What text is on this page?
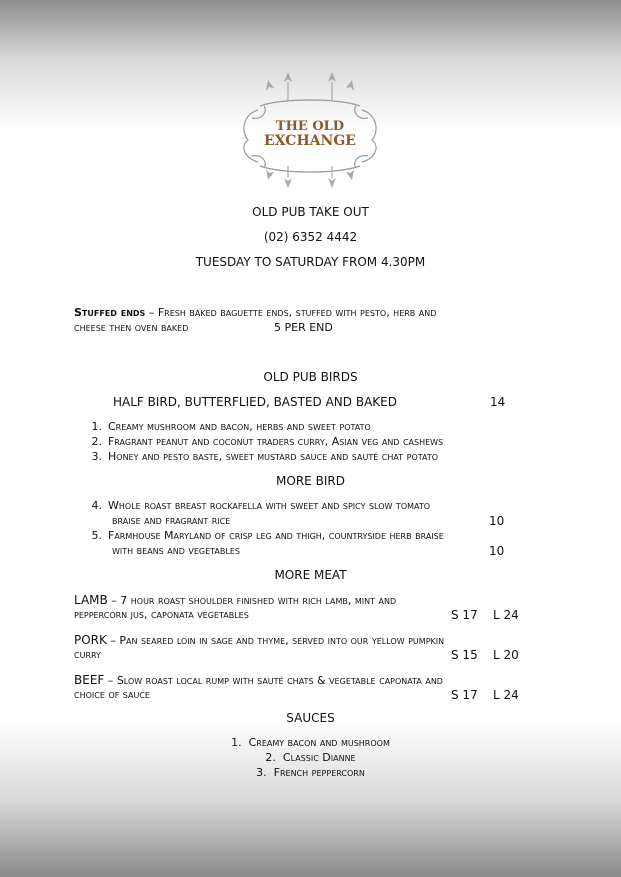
THE OLD
EXCHANGE
OLD PUB TAKE OUT
(02) 6352 4442
TUESDAY TO SATURDAY FROM 4.30PM
Stuffed ends – Fresh baked baguette ends, stuffed with pesto, herb and
cheese then oven baked	5 PER END
OLD PUB BIRDS
HALF BIRD, BUTTERFLIED, BASTED AND BAKED	14
1. Creamy mushroom and bacon, herbs and sweet potato
2. Fragrant peanut and coconut traders curry, Asian veg and cashews
3. Honey and pesto baste, sweet mustard sauce and sauté chat potato
MORE BIRD
4. Whole roast breast rockafella with sweet and spicy slow tomato
braise and fragrant rice	10
5. Farmhouse Maryland of crisp leg and thigh, countryside herb braise
with beans and vegetables	10
MORE MEAT
LAMB – 7 hour roast shoulder finished with rich lamb, mint and
peppercorn jus, caponata vegetables	S 17 L 24
PORK – Pan seared loin in sage and thyme, served into our yellow pumpkin
curry	S 15 L 20
BEEF – Slow roast local rump with sauté chats & vegetable caponata and
choice of sauce	S 17 L 24
SAUCES
1. Creamy bacon and mushroom
2. Classic Dianne
3. French peppercorn
